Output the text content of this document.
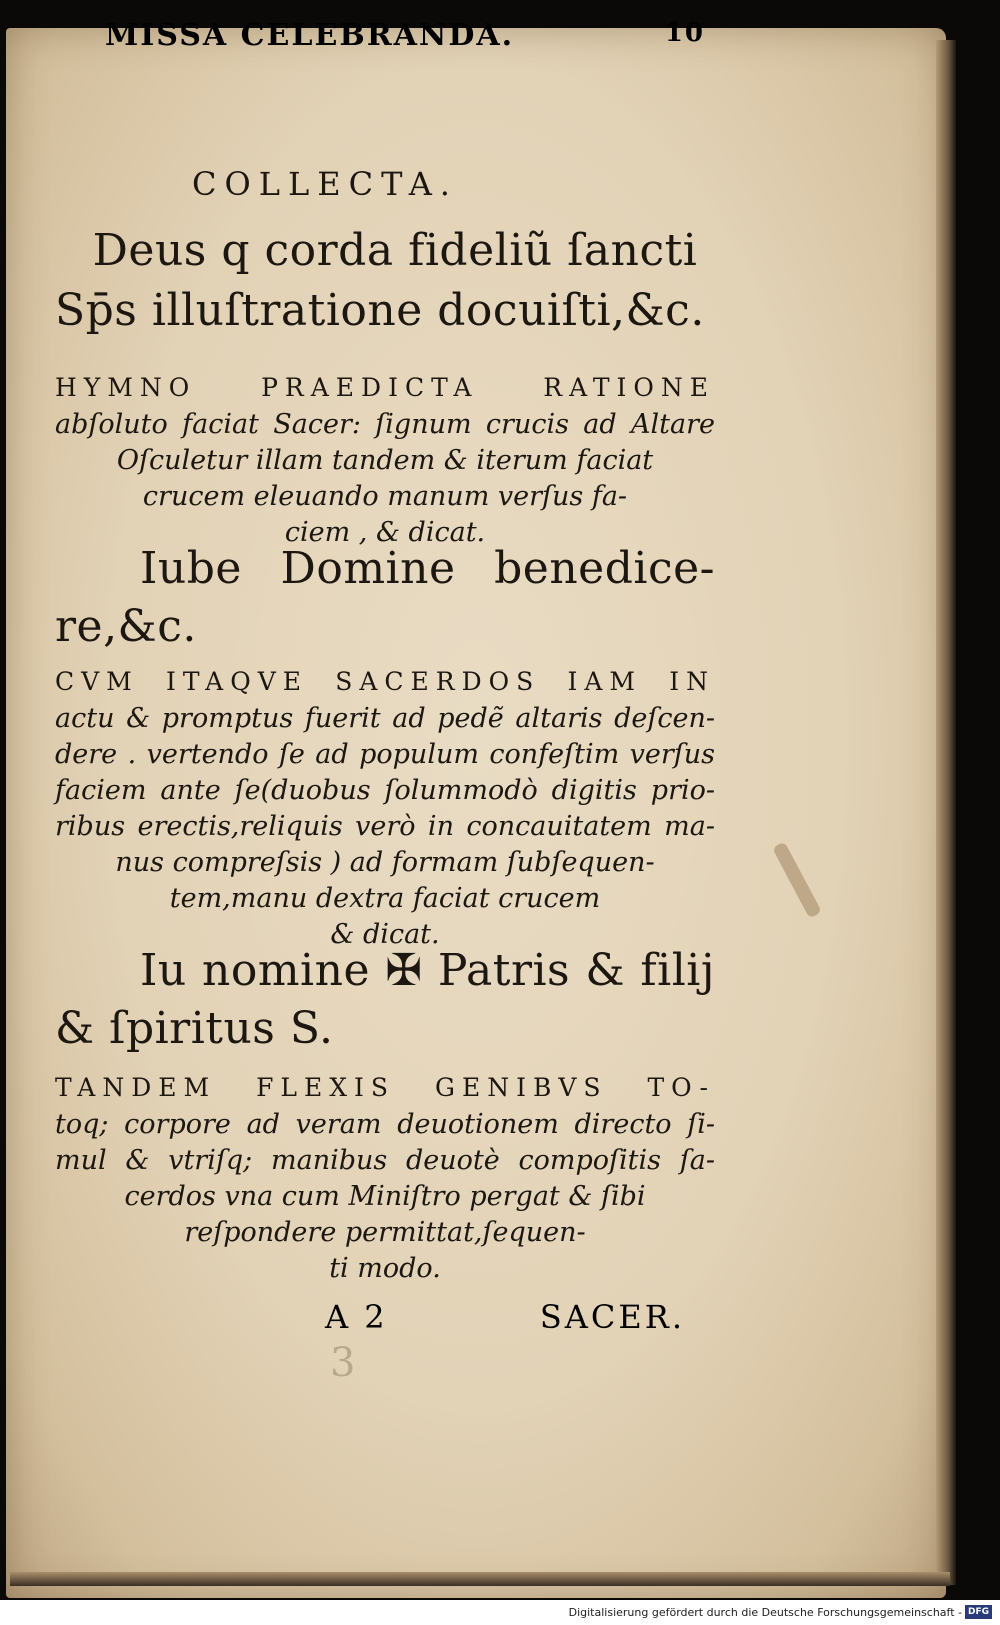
MISSA CELEBRANDA.	10
COLLECTA.
Deus q corda fideliũ ſancti
Sp̄s illuſtratione docuiſti,&c.
HYMNO PRAEDICTA RATIONE
abſoluto faciat Sacer: ſignum crucis ad Altare
Oſculetur illam tandem & iterum faciat
crucem eleuando manum verſus fa-
ciem , & dicat.
Iube Domine benedice-
re,&c.
CVM ITAQVE SACERDOS IAM IN
actu & promptus fuerit ad pedẽ altaris deſcen-
dere . vertendo ſe ad populum confeſtim verſus
faciem ante ſe(duobus ſolummodò digitis prio-
ribus erectis,reliquis verò in concauitatem ma-
nus compreſsis ) ad formam ſubſequen-
tem,manu dextra faciat crucem
& dicat.
Iu nomine ✠ Patris & filij
& ſpiritus S.
TANDEM FLEXIS GENIBVS TO-
toq; corpore ad veram deuotionem directo ſi-
mul & vtriſq; manibus deuotè compoſitis ſa-
cerdos vna cum Miniſtro pergat & ſibi
reſpondere permittat,ſequen-
ti modo.
A 2	SACER.
3
Digitalisierung gefördert durch die Deutsche Forschungsgemeinschaft - DFG
